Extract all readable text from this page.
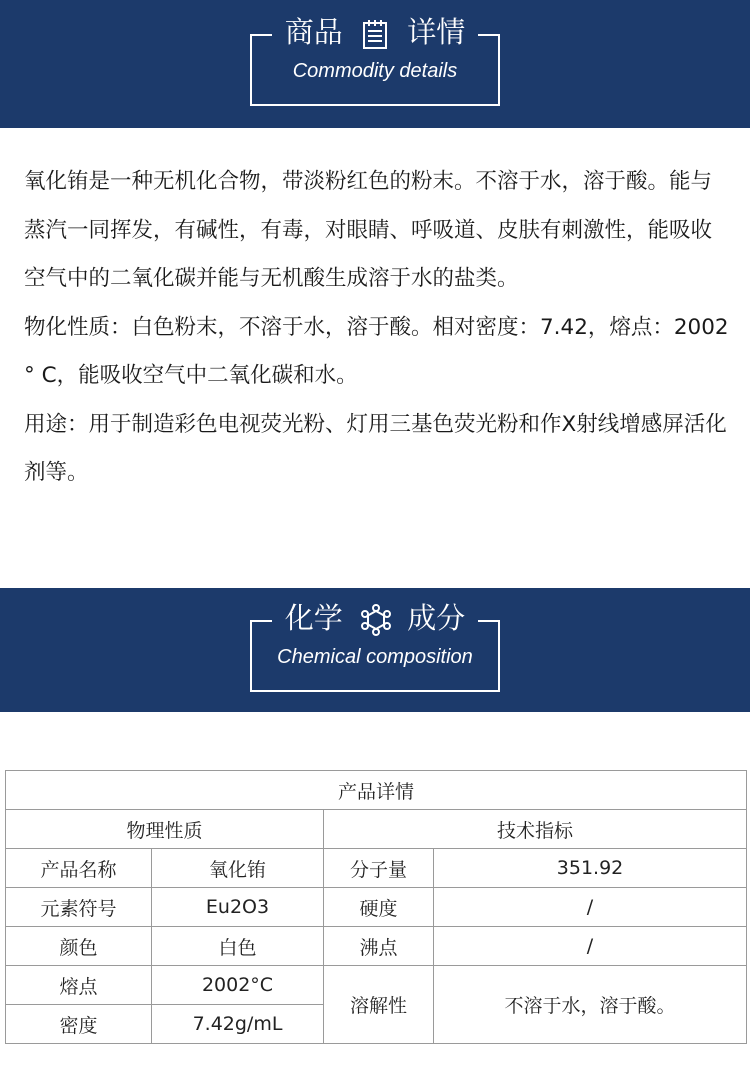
商品 详情
Commodity details

氧化铕是一种无机化合物，带淡粉红色的粉末。不溶于水，溶于酸。能与蒸汽一同挥发，有碱性，有毒，对眼睛、呼吸道、皮肤有刺激性，能吸收空气中的二氧化碳并能与无机酸生成溶于水的盐类。

物化性质：白色粉末，不溶于水，溶于酸。相对密度：7.42，熔点：2002 ° C，能吸收空气中二氧化碳和水。

用途：用于制造彩色电视荧光粉、灯用三基色荧光粉和作X射线增感屏活化剂等。

化学 成分
Chemical composition
产品详情			
物理性质		技术指标	
产品名称	氧化铕	分子量	351.92
元素符号	Eu2O3	硬度	/
颜色	白色	沸点	/
熔点	2002°C	溶解性	不溶于水，溶于酸。
密度	7.42g/mL		
